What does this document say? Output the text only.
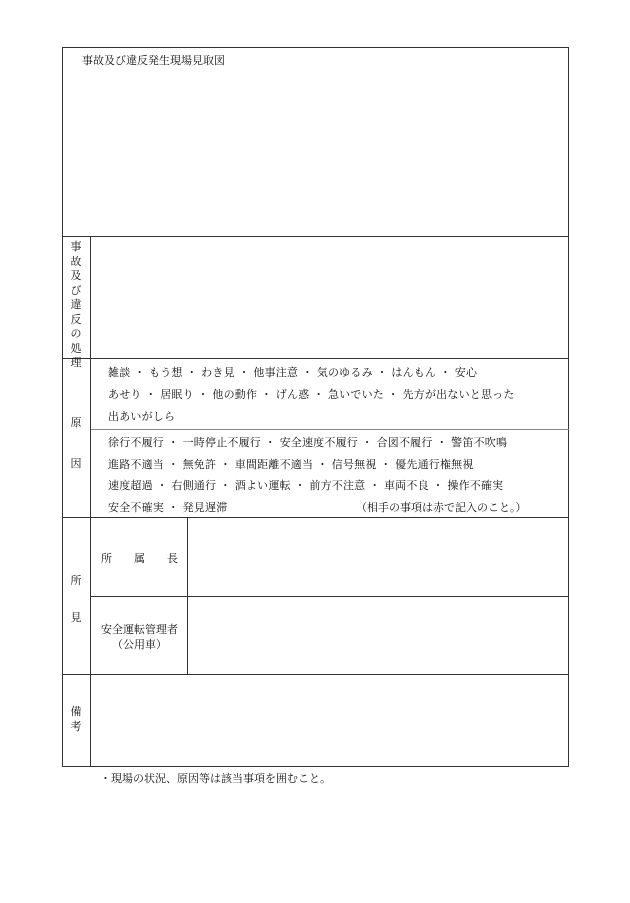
事故及び違反発生現場見取図
事
故
及
び
違
反
の
処
理
原
因
雑談 ・ もう想 ・ わき見 ・ 他事注意 ・ 気のゆるみ ・ はんもん ・ 安心
あせり ・ 居眠り ・ 他の動作 ・ げん惑 ・ 急いでいた ・ 先方が出ないと思った
出あいがしら
徐行不履行 ・ 一時停止不履行 ・ 安全速度不履行 ・ 合図不履行 ・ 警笛不吹鳴
進路不適当 ・ 無免許 ・ 車間距離不適当 ・ 信号無視 ・ 優先通行権無視
速度超過 ・ 右側通行 ・ 酒よい運転 ・ 前方不注意 ・ 車両不良 ・ 操作不確実
安全不確実 ・ 発見遅滞	（相手の事項は赤で記入のこと。）
所
見
所　　属　　長
安全運転管理者
（公用車）
備
考
・現場の状況、原因等は該当事項を囲むこと。
